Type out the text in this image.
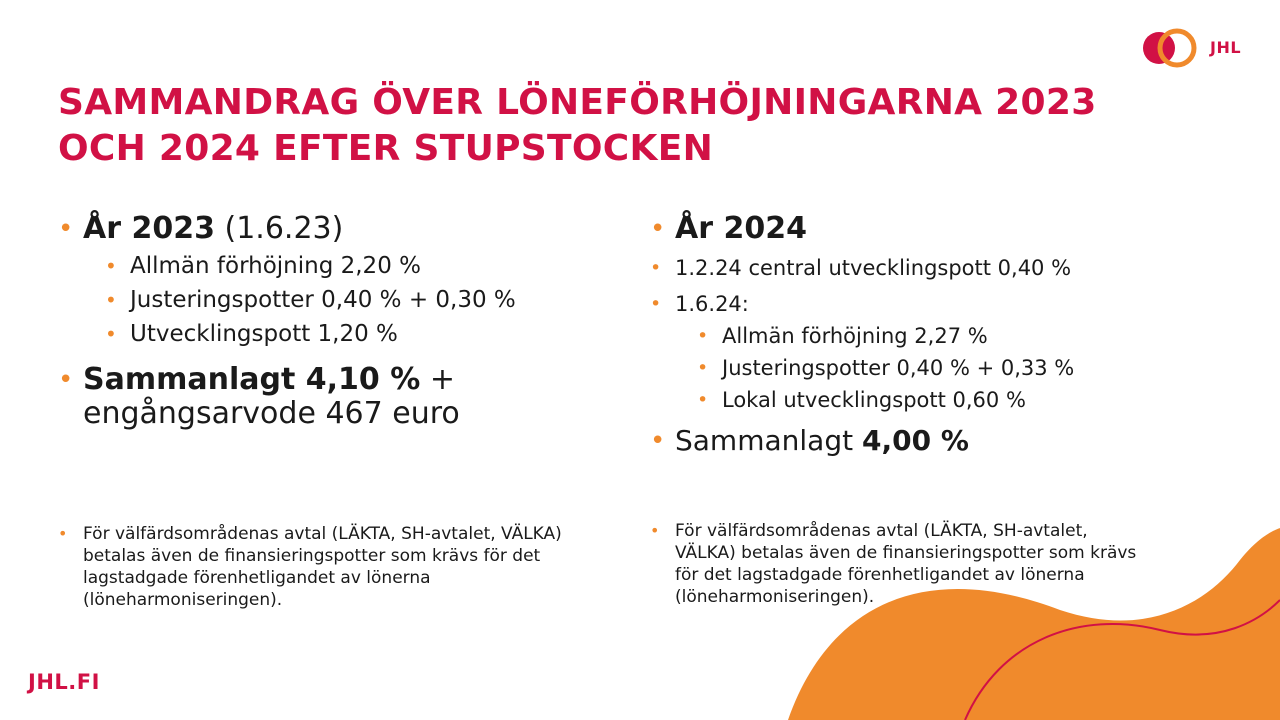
JHL
SAMMANDRAG ÖVER LÖNEFÖRHÖJNINGARNA 2023
OCH 2024 EFTER STUPSTOCKEN
• År 2023 (1.6.23)
• Allmän förhöjning 2,20 %
• Justeringspotter 0,40 % + 0,30 %
• Utvecklingspott 1,20 %
• Sammanlagt 4,10 % +
engångsarvode 467 euro
• För välfärdsområdenas avtal (LÄKTA, SH-avtalet, VÄLKA) betalas även de finansieringspotter som krävs för det lagstadgade förenhetligandet av lönerna (löneharmoniseringen).
• År 2024
• 1.2.24 central utvecklingspott 0,40 %
• 1.6.24:
• Allmän förhöjning 2,27 %
• Justeringspotter 0,40 % + 0,33 %
• Lokal utvecklingspott 0,60 %
• Sammanlagt 4,00 %
• För välfärdsområdenas avtal (LÄKTA, SH-avtalet, VÄLKA) betalas även de finansieringspotter som krävs för det lagstadgade förenhetligandet av lönerna (löneharmoniseringen).
JHL.FI
